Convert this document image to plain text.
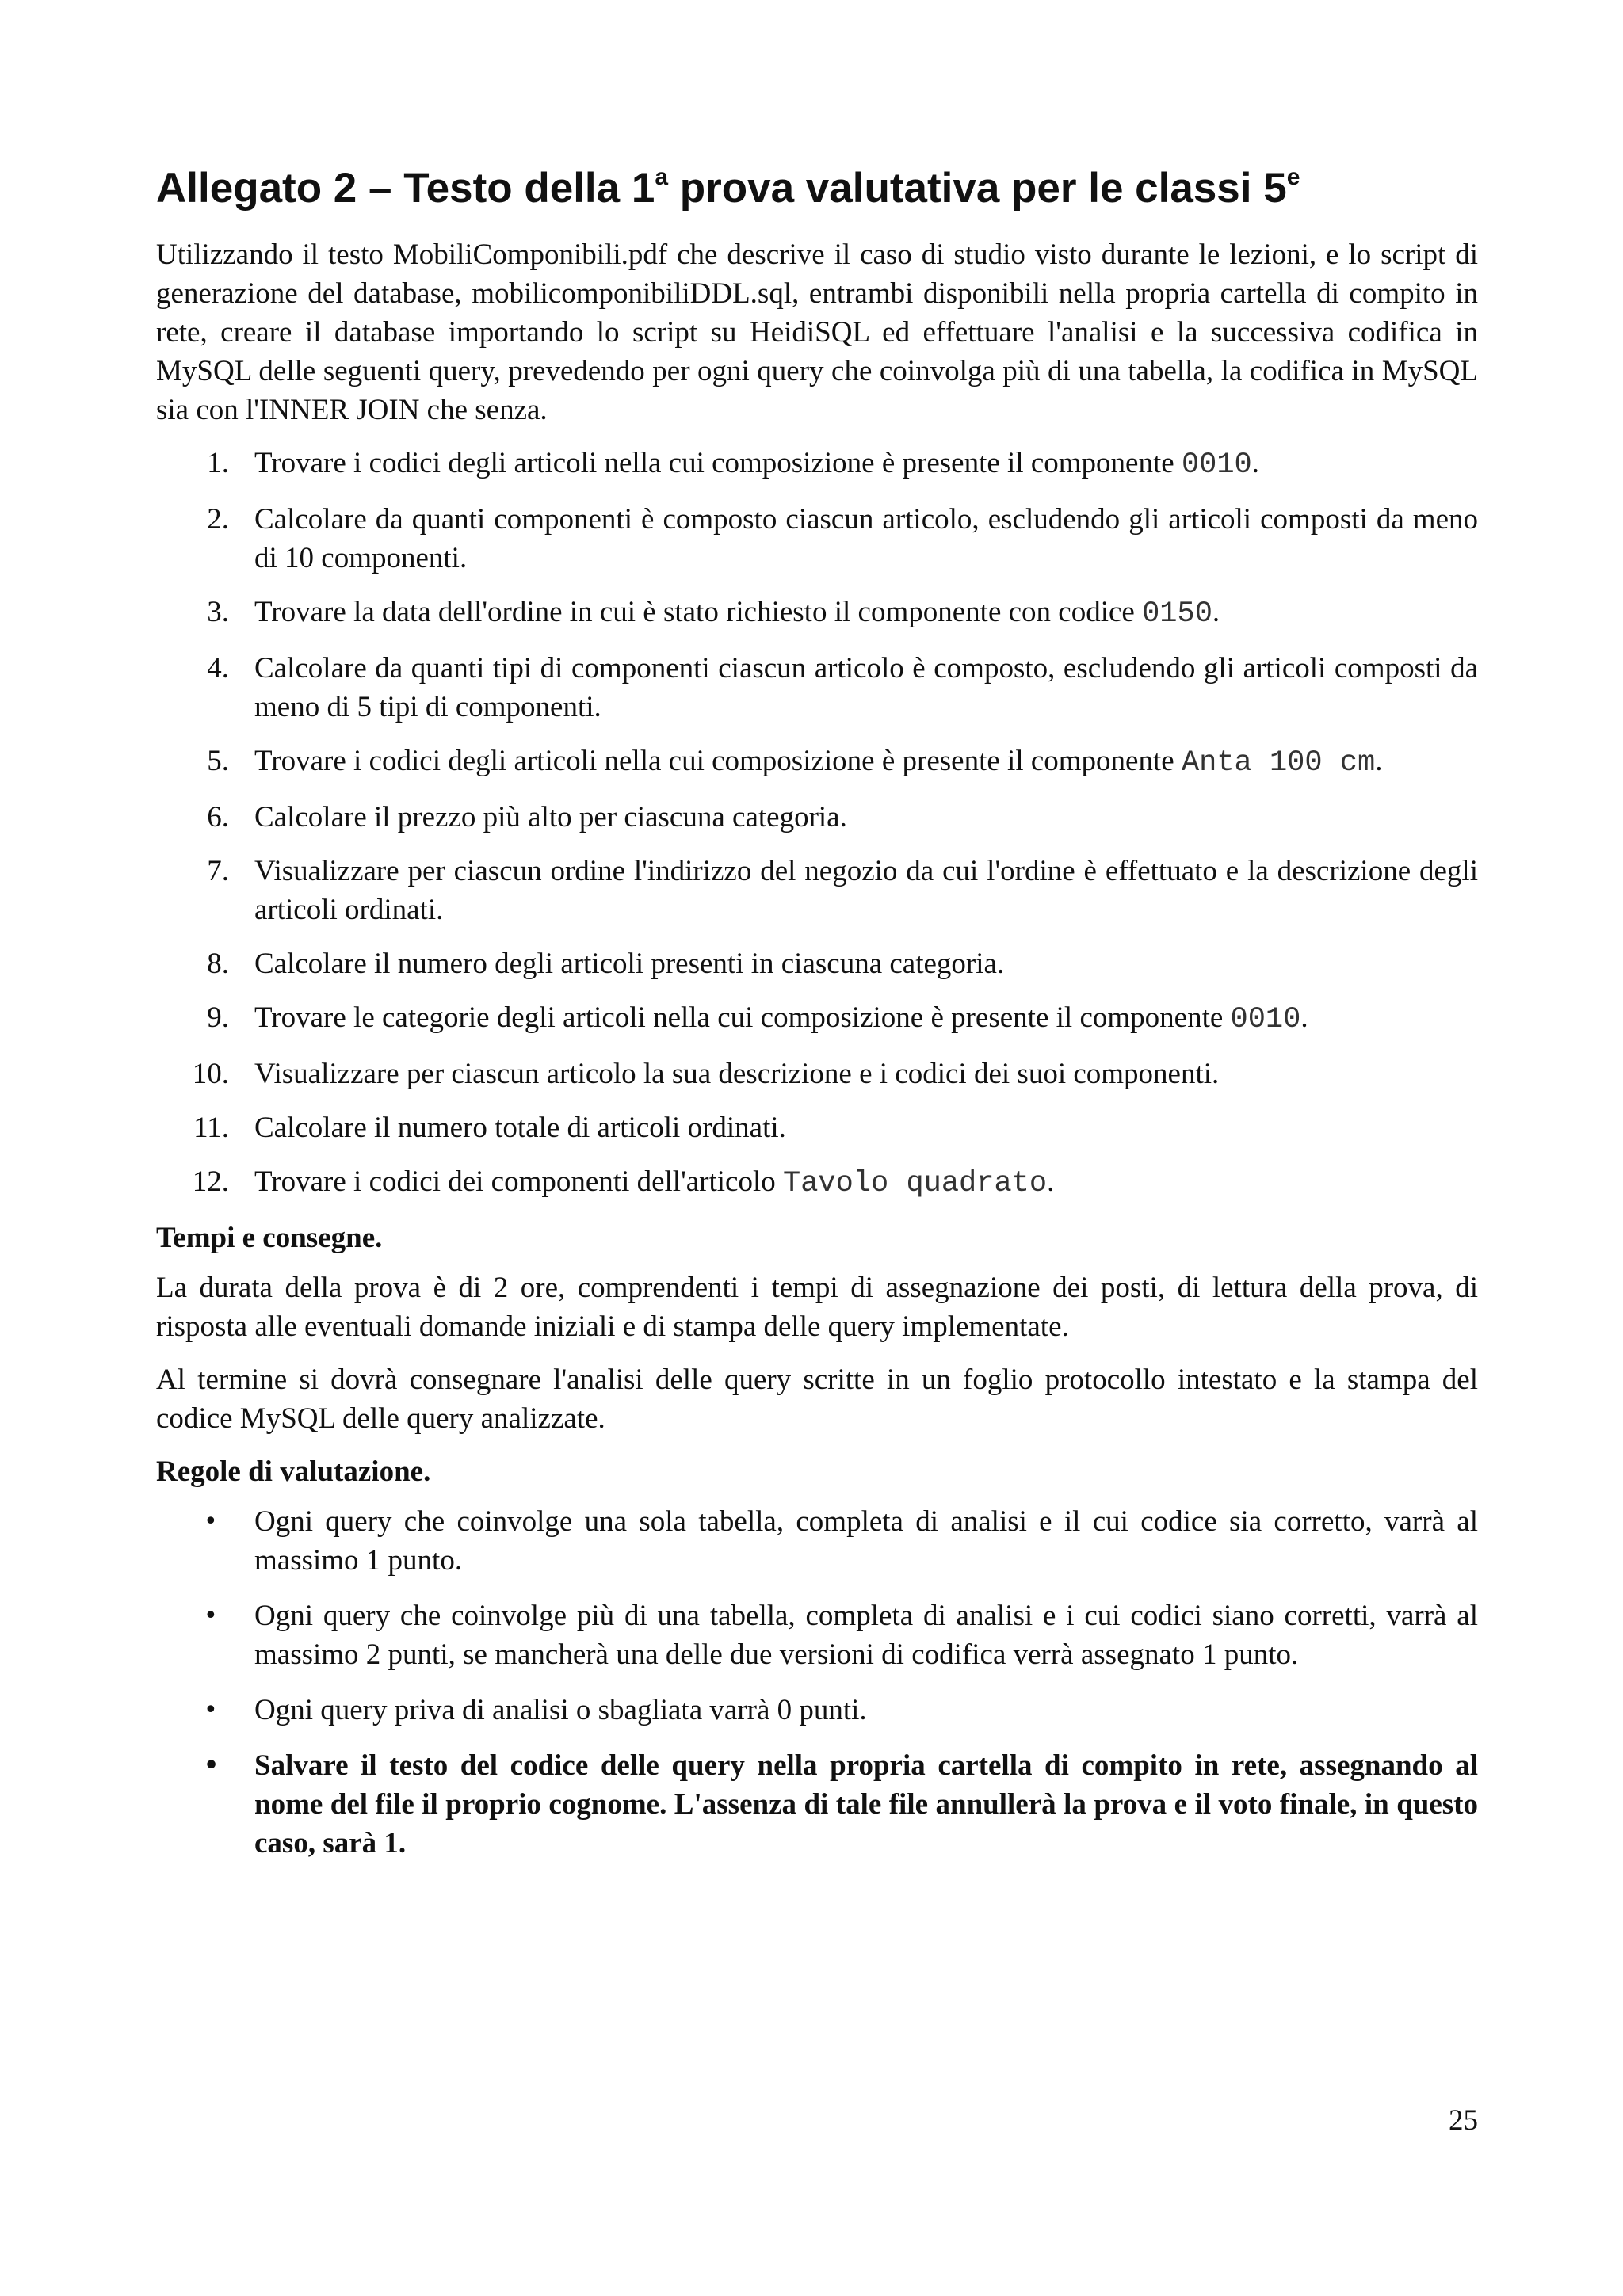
Allegato 2 – Testo della 1$^a$ prova valutativa per le classi 5e

Utilizzando il testo MobiliComponibili.pdf che descrive il caso di studio visto durante le lezioni, e lo script di generazione del database, mobilicomponibiliDDL.sql, entrambi disponibili nella propria cartella di compito in rete, creare il database importando lo script su HeidiSQL ed effettuare l'analisi e la successiva codifica in MySQL delle seguenti query, prevedendo per ogni query che coinvolga più di una tabella, la codifica in MySQL sia con l'INNER JOIN che senza.

1. Trovare i codici degli articoli nella cui composizione è presente il componente 0010.
2. Calcolare da quanti componenti è composto ciascun articolo, escludendo gli articoli composti da meno di 10 componenti.
3. Trovare la data dell'ordine in cui è stato richiesto il componente con codice 0150.
4. Calcolare da quanti tipi di componenti ciascun articolo è composto, escludendo gli articoli composti da meno di 5 tipi di componenti.
5. Trovare i codici degli articoli nella cui composizione è presente il componente Anta 100 cm.
6. Calcolare il prezzo più alto per ciascuna categoria.
7. Visualizzare per ciascun ordine l'indirizzo del negozio da cui l'ordine è effettuato e la descrizione degli articoli ordinati.
8. Calcolare il numero degli articoli presenti in ciascuna categoria.
9. Trovare le categorie degli articoli nella cui composizione è presente il componente 0010.
10. Visualizzare per ciascun articolo la sua descrizione e i codici dei suoi componenti.
11. Calcolare il numero totale di articoli ordinati.
12. Trovare i codici dei componenti dell'articolo Tavolo quadrato.

Tempi e consegne.

La durata della prova è di 2 ore, comprendenti i tempi di assegnazione dei posti, di lettura della prova, di risposta alle eventuali domande iniziali e di stampa delle query implementate.

Al termine si dovrà consegnare l'analisi delle query scritte in un foglio protocollo intestato e la stampa del codice MySQL delle query analizzate.

Regole di valutazione.

• Ogni query che coinvolge una sola tabella, completa di analisi e il cui codice sia corretto, varrà al massimo 1 punto.
• Ogni query che coinvolge più di una tabella, completa di analisi e i cui codici siano corretti, varrà al massimo 2 punti, se mancherà una delle due versioni di codifica verrà assegnato 1 punto.
• Ogni query priva di analisi o sbagliata varrà 0 punti.
• Salvare il testo del codice delle query nella propria cartella di compito in rete, assegnando al nome del file il proprio cognome. L'assenza di tale file annullerà la prova e il voto finale, in questo caso, sarà 1.
25
